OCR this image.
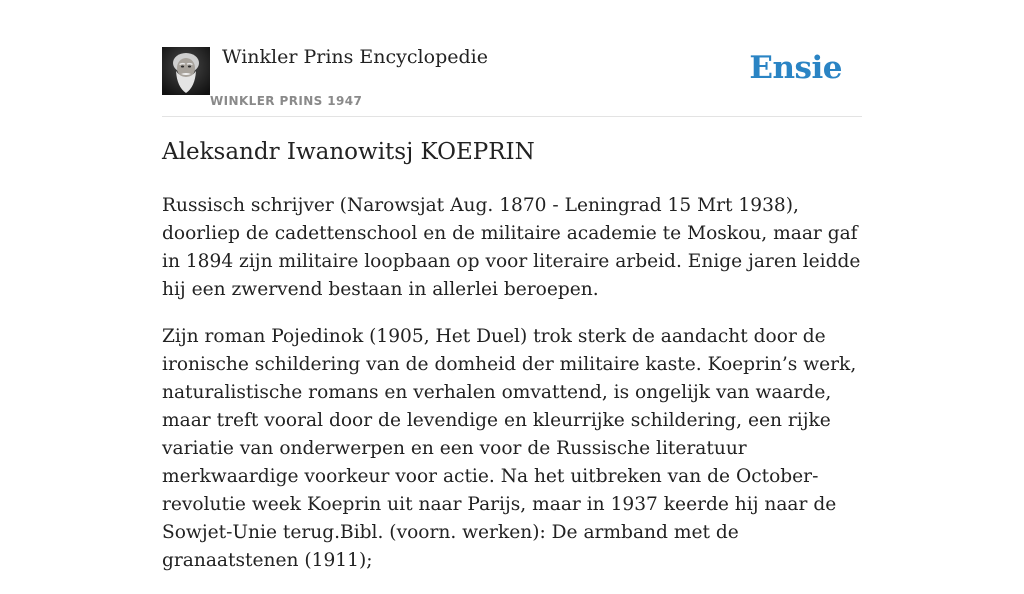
Winkler Prins Encyclopedie
WINKLER PRINS 1947
Ensie
Aleksandr Iwanowitsj KOEPRIN

Russisch schrijver (Narowsjat Aug. 1870 - Leningrad 15 Mrt 1938), doorliep de cadettenschool en de militaire academie te Moskou, maar gaf in 1894 zijn militaire loopbaan op voor literaire arbeid. Enige jaren leidde hij een zwervend bestaan in allerlei beroepen.

Zijn roman Pojedinok (1905, Het Duel) trok sterk de aandacht door de ironische schildering van de domheid der militaire kaste. Koeprin’s werk, naturalistische romans en verhalen omvattend, is ongelijk van waarde, maar treft vooral door de levendige en kleurrijke schildering, een rijke variatie van onderwerpen en een voor de Russische literatuur merkwaardige voorkeur voor actie. Na het uitbreken van de October-revolutie week Koeprin uit naar Parijs, maar in 1937 keerde hij naar de Sowjet-Unie terug.Bibl. (voorn. werken): De armband met de granaatstenen (1911);
